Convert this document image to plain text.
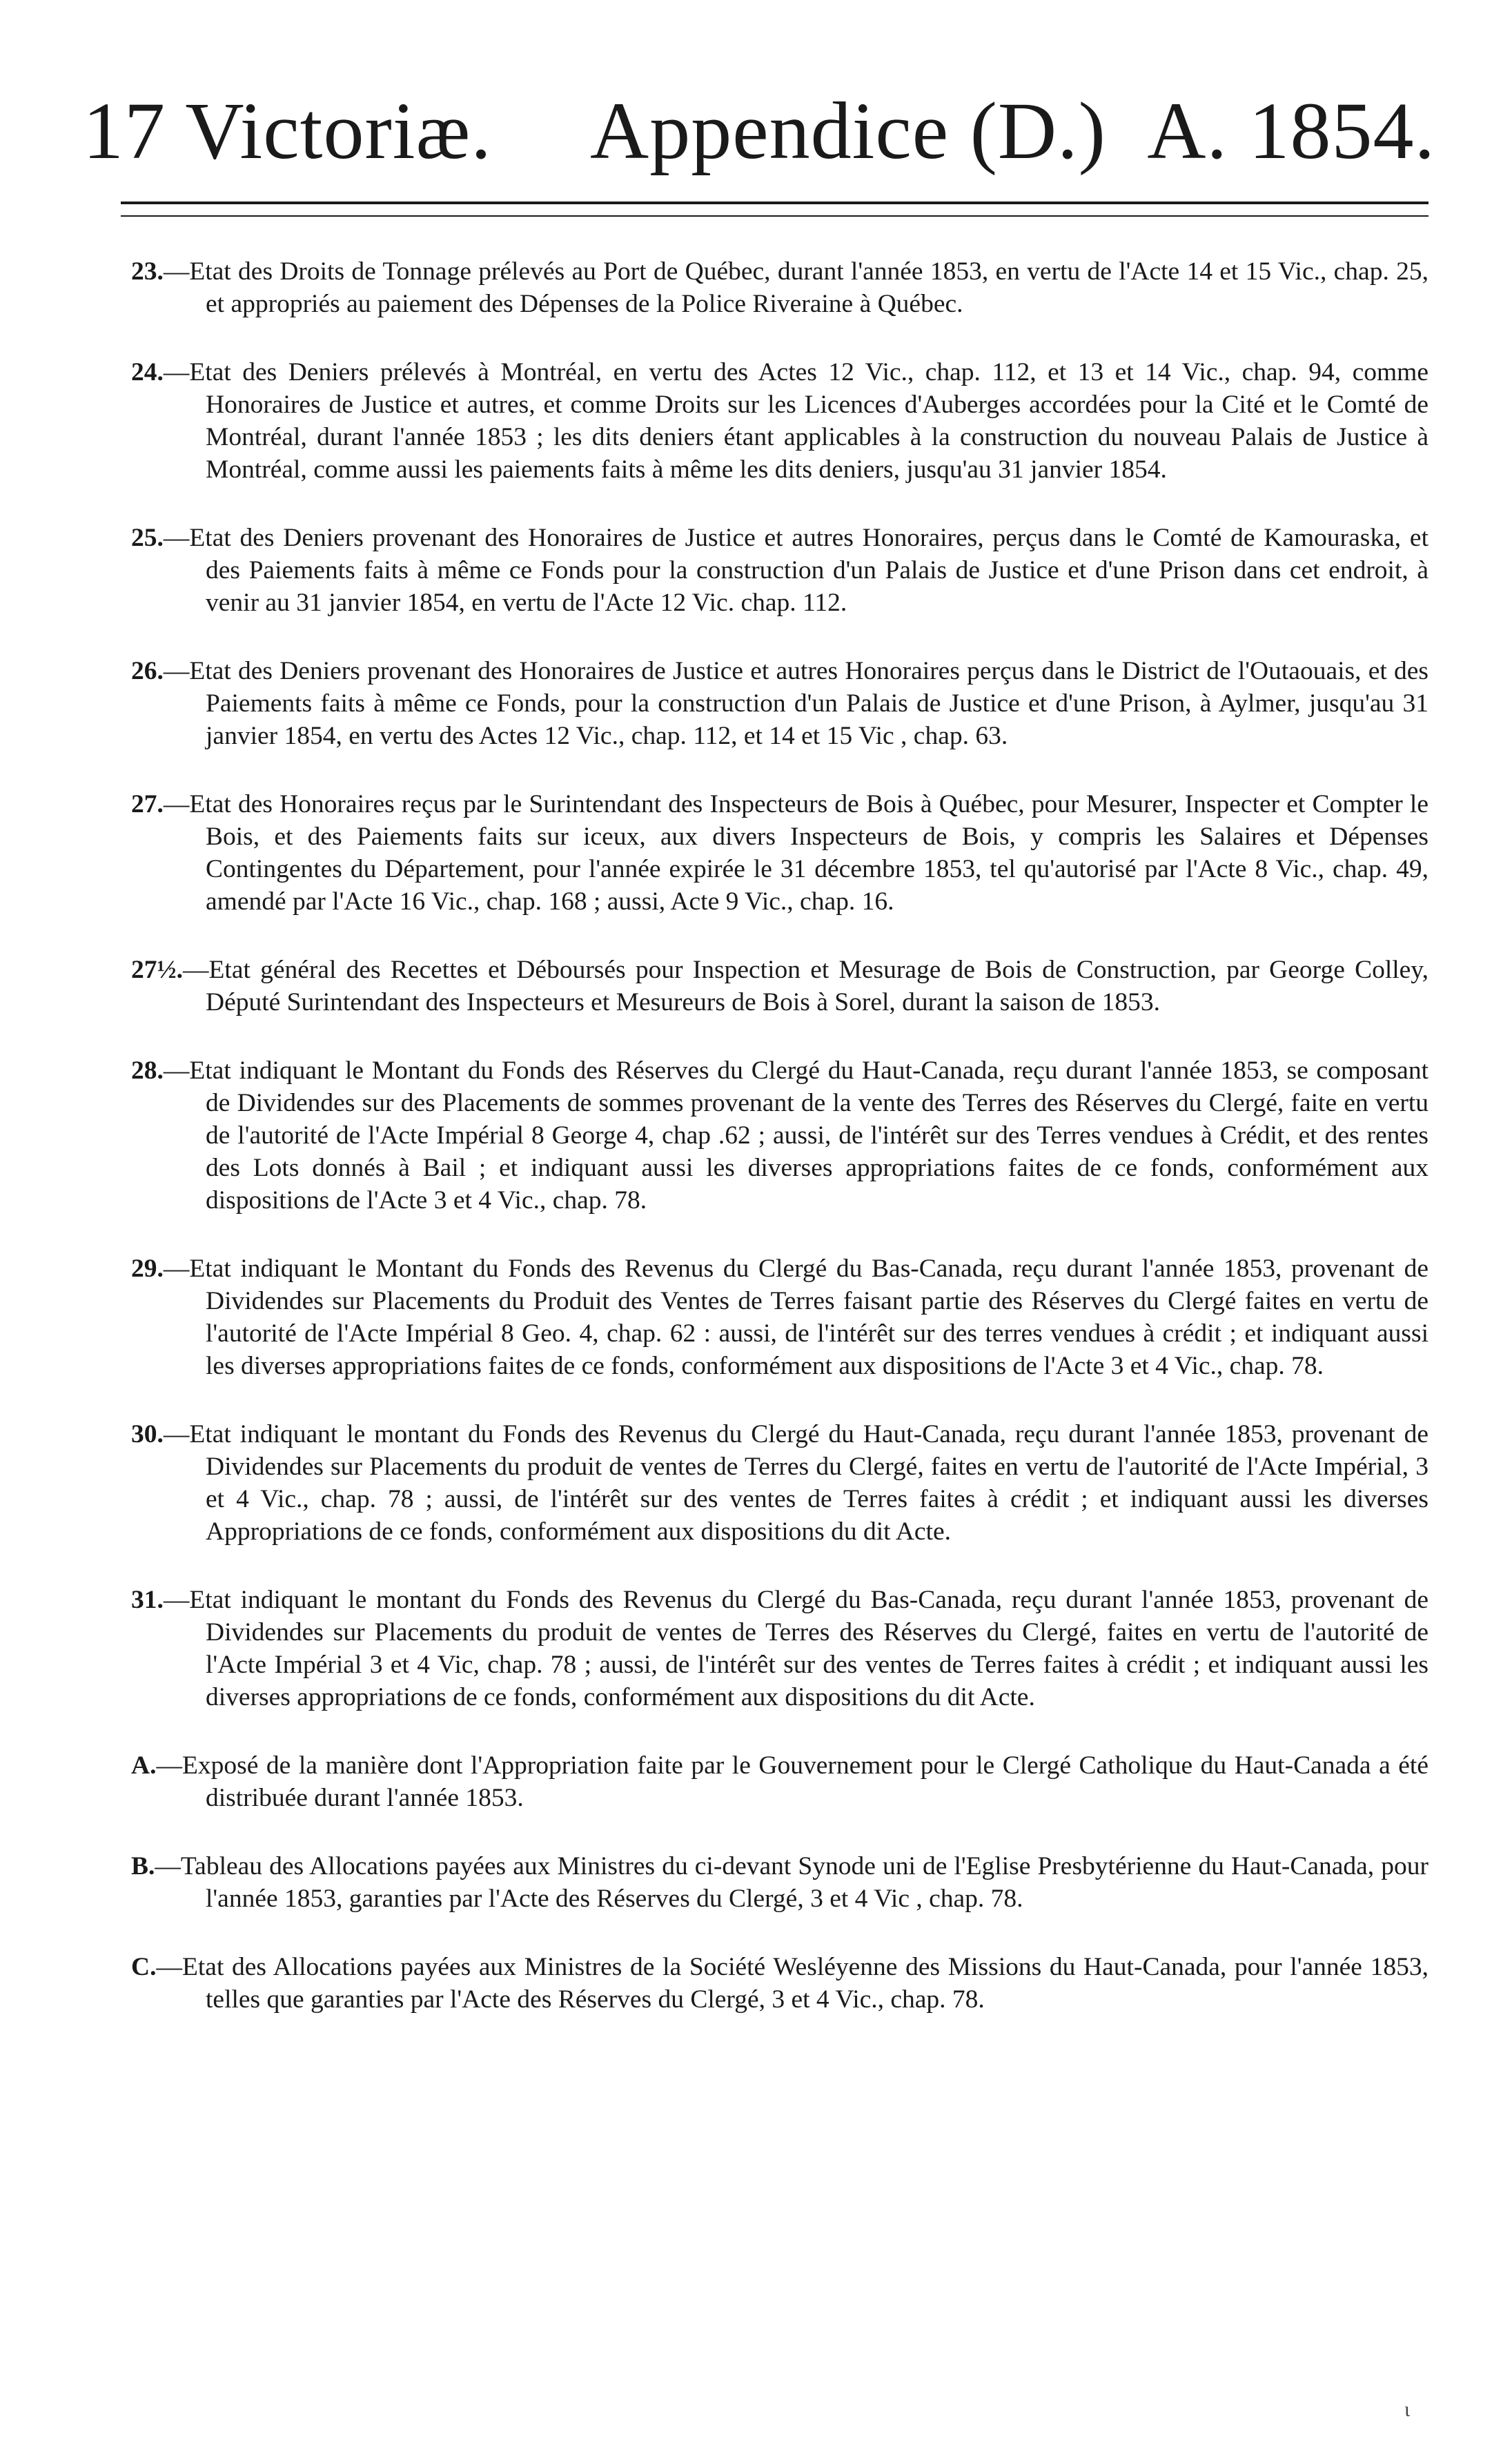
17 Victoriæ. Appendice (D.) A. 1854.

23.—Etat des Droits de Tonnage prélevés au Port de Québec, durant l'année 1853, en vertu de l'Acte 14 et 15 Vic., chap. 25, et appropriés au paiement des Dépenses de la Police Riveraine à Québec.

24.—Etat des Deniers prélevés à Montréal, en vertu des Actes 12 Vic., chap. 112, et 13 et 14 Vic., chap. 94, comme Honoraires de Justice et autres, et comme Droits sur les Licences d'Auberges accordées pour la Cité et le Comté de Montréal, durant l'année 1853 ; les dits deniers étant applicables à la construction du nouveau Palais de Justice à Montréal, comme aussi les paiements faits à même les dits deniers, jusqu'au 31 janvier 1854.

25.—Etat des Deniers provenant des Honoraires de Justice et autres Honoraires, perçus dans le Comté de Kamouraska, et des Paiements faits à même ce Fonds pour la construction d'un Palais de Justice et d'une Prison dans cet endroit, à venir au 31 janvier 1854, en vertu de l'Acte 12 Vic. chap. 112.

26.—Etat des Deniers provenant des Honoraires de Justice et autres Honoraires perçus dans le District de l'Outaouais, et des Paiements faits à même ce Fonds, pour la construction d'un Palais de Justice et d'une Prison, à Aylmer, jusqu'au 31 janvier 1854, en vertu des Actes 12 Vic., chap. 112, et 14 et 15 Vic , chap. 63.

27.—Etat des Honoraires reçus par le Surintendant des Inspecteurs de Bois à Québec, pour Mesurer, Inspecter et Compter le Bois, et des Paiements faits sur iceux, aux divers Inspecteurs de Bois, y compris les Salaires et Dépenses Contingentes du Département, pour l'année expirée le 31 décembre 1853, tel qu'autorisé par l'Acte 8 Vic., chap. 49, amendé par l'Acte 16 Vic., chap. 168 ; aussi, Acte 9 Vic., chap. 16.

27½.—Etat général des Recettes et Déboursés pour Inspection et Mesurage de Bois de Construction, par George Colley, Député Surintendant des Inspecteurs et Mesureurs de Bois à Sorel, durant la saison de 1853.

28.—Etat indiquant le Montant du Fonds des Réserves du Clergé du Haut-Canada, reçu durant l'année 1853, se composant de Dividendes sur des Placements de sommes provenant de la vente des Terres des Réserves du Clergé, faite en vertu de l'autorité de l'Acte Impérial 8 George 4, chap .62 ; aussi, de l'intérêt sur des Terres vendues à Crédit, et des rentes des Lots donnés à Bail ; et indiquant aussi les diverses appropriations faites de ce fonds, conformément aux dispositions de l'Acte 3 et 4 Vic., chap. 78.

29.—Etat indiquant le Montant du Fonds des Revenus du Clergé du Bas-Canada, reçu durant l'année 1853, provenant de Dividendes sur Placements du Produit des Ventes de Terres faisant partie des Réserves du Clergé faites en vertu de l'autorité de l'Acte Impérial 8 Geo. 4, chap. 62 : aussi, de l'intérêt sur des terres vendues à crédit ; et indiquant aussi les diverses appropriations faites de ce fonds, conformément aux dispositions de l'Acte 3 et 4 Vic., chap. 78.

30.—Etat indiquant le montant du Fonds des Revenus du Clergé du Haut-Canada, reçu durant l'année 1853, provenant de Dividendes sur Placements du produit de ventes de Terres du Clergé, faites en vertu de l'autorité de l'Acte Impérial, 3 et 4 Vic., chap. 78 ; aussi, de l'intérêt sur des ventes de Terres faites à crédit ; et indiquant aussi les diverses Appropriations de ce fonds, conformément aux dispositions du dit Acte.

31.—Etat indiquant le montant du Fonds des Revenus du Clergé du Bas-Canada, reçu durant l'année 1853, provenant de Dividendes sur Placements du produit de ventes de Terres des Réserves du Clergé, faites en vertu de l'autorité de l'Acte Impérial 3 et 4 Vic, chap. 78 ; aussi, de l'intérêt sur des ventes de Terres faites à crédit ; et indiquant aussi les diverses appropriations de ce fonds, conformément aux dispositions du dit Acte.

A.—Exposé de la manière dont l'Appropriation faite par le Gouvernement pour le Clergé Catholique du Haut-Canada a été distribuée durant l'année 1853.

B.—Tableau des Allocations payées aux Ministres du ci-devant Synode uni de l'Eglise Presbytérienne du Haut-Canada, pour l'année 1853, garanties par l'Acte des Réserves du Clergé, 3 et 4 Vic , chap. 78.

C.—Etat des Allocations payées aux Ministres de la Société Wesléyenne des Missions du Haut-Canada, pour l'année 1853, telles que garanties par l'Acte des Réserves du Clergé, 3 et 4 Vic., chap. 78.

ι
